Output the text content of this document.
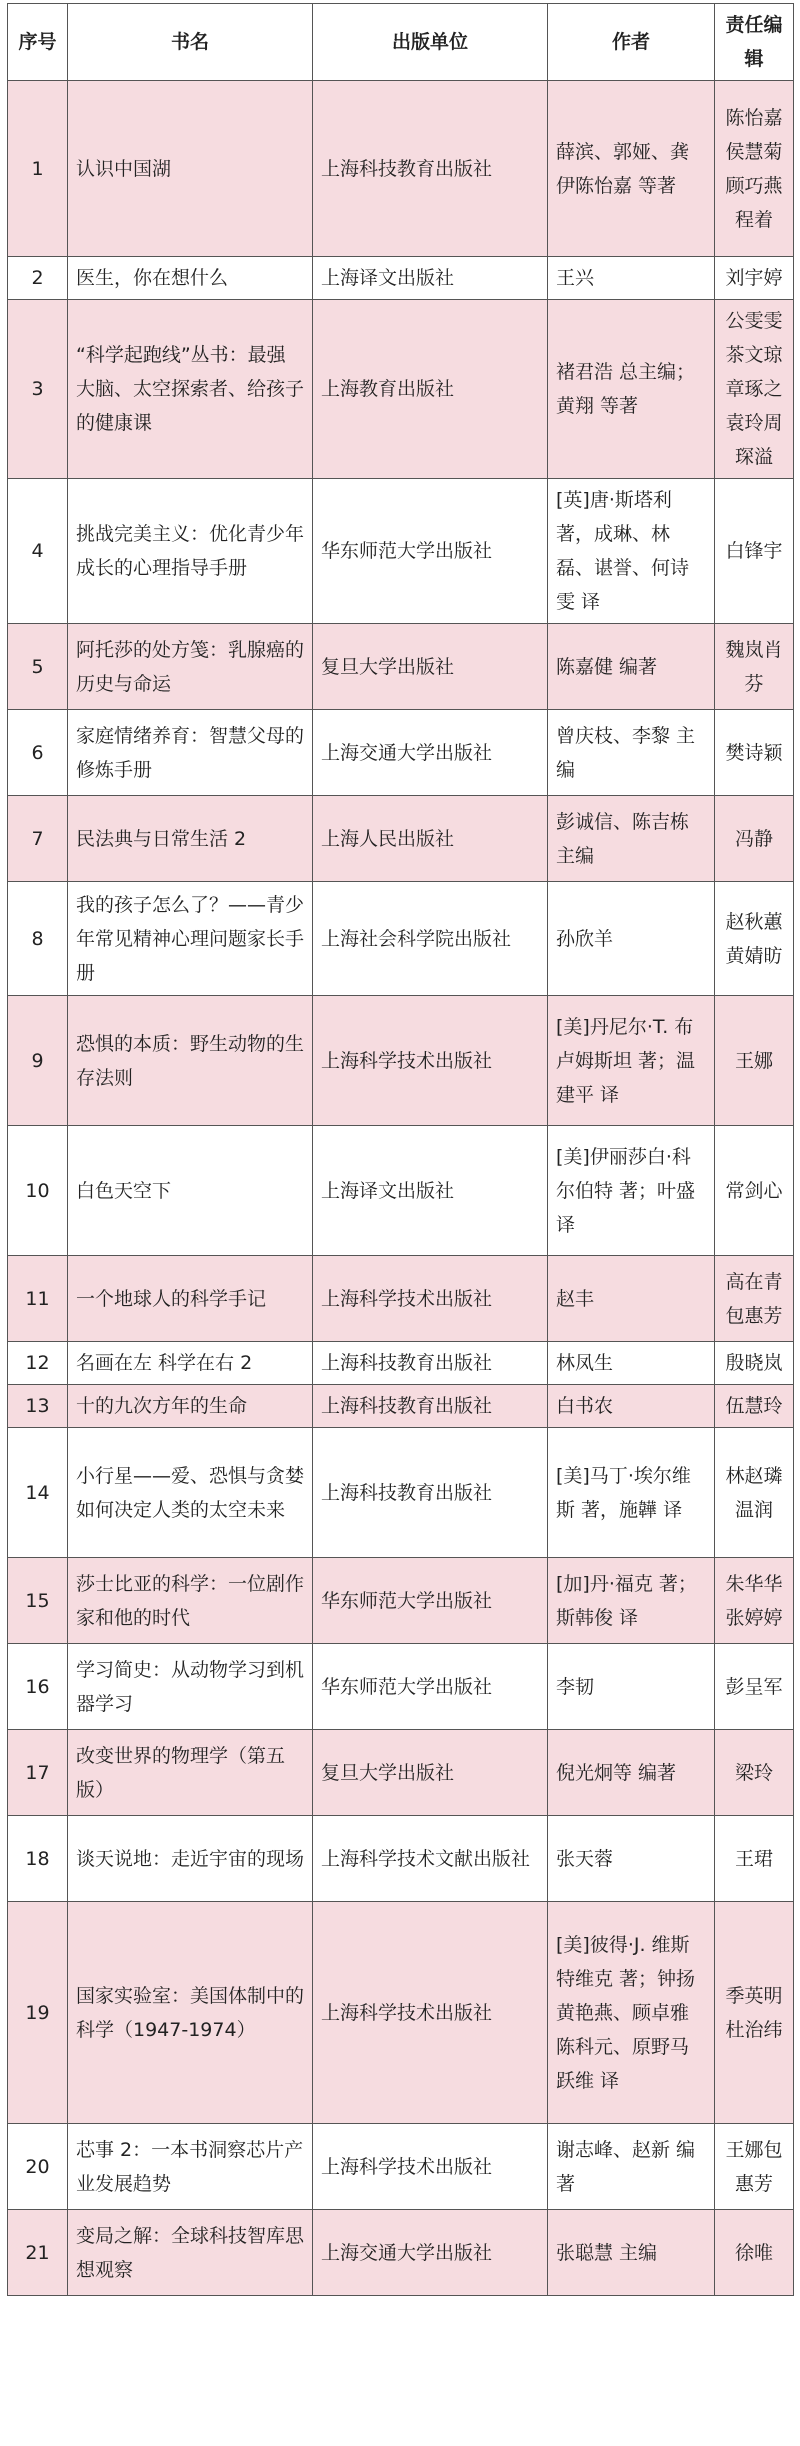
序号	书名	出版单位	作者	责任编辑
1	认识中国湖	上海科技教育出版社	薛滨、郭娅、龚伊陈怡嘉 等著	陈怡嘉侯慧菊顾巧燕程着
2	医生，你在想什么	上海译文出版社	王兴	刘宇婷
3	“科学起跑线”丛书：最强大脑、太空探索者、给孩子的健康课	上海教育出版社	褚君浩 总主编；黄翔 等著	公雯雯茶文琼章琢之袁玲周琛溢
4	挑战完美主义：优化青少年成长的心理指导手册	华东师范大学出版社	[英]唐·斯塔利 著，成琳、林磊、谌誉、何诗雯 译	白锋宇
5	阿托莎的处方笺：乳腺癌的历史与命运	复旦大学出版社	陈嘉健 编著	魏岚肖芬
6	家庭情绪养育：智慧父母的修炼手册	上海交通大学出版社	曾庆枝、李黎 主编	樊诗颖
7	民法典与日常生活 2	上海人民出版社	彭诚信、陈吉栋主编	冯静
8	我的孩子怎么了？——青少年常见精神心理问题家长手册	上海社会科学院出版社	孙欣羊	赵秋蕙黄婧昉
9	恐惧的本质：野生动物的生存法则	上海科学技术出版社	[美]丹尼尔·T. 布卢姆斯坦 著；温建平 译	王娜
10	白色天空下	上海译文出版社	[美]伊丽莎白·科尔伯特 著；叶盛 译	常剑心
11	一个地球人的科学手记	上海科学技术出版社	赵丰	高在青包惠芳
12	名画在左 科学在右 2	上海科技教育出版社	林凤生	殷晓岚
13	十的九次方年的生命	上海科技教育出版社	白书农	伍慧玲
14	小行星——爱、恐惧与贪婪如何决定人类的太空未来	上海科技教育出版社	[美]马丁·埃尔维斯 著，施韡 译	林赵璘温润
15	莎士比亚的科学：一位剧作家和他的时代	华东师范大学出版社	[加]丹·福克 著；斯韩俊 译	朱华华张婷婷
16	学习简史：从动物学习到机器学习	华东师范大学出版社	李韧	彭呈军
17	改变世界的物理学（第五版）	复旦大学出版社	倪光炯等 编著	梁玲
18	谈天说地：走近宇宙的现场	上海科学技术文献出版社	张天蓉	王珺
19	国家实验室：美国体制中的科学（1947-1974）	上海科学技术出版社	[美]彼得·J. 维斯特维克 著；钟扬黄艳燕、顾卓雅陈科元、原野马跃维 译	季英明杜治纬
20	芯事 2：一本书洞察芯片产业发展趋势	上海科学技术出版社	谢志峰、赵新 编著	王娜包惠芳
21	变局之解：全球科技智库思想观察	上海交通大学出版社	张聪慧 主编	徐唯
